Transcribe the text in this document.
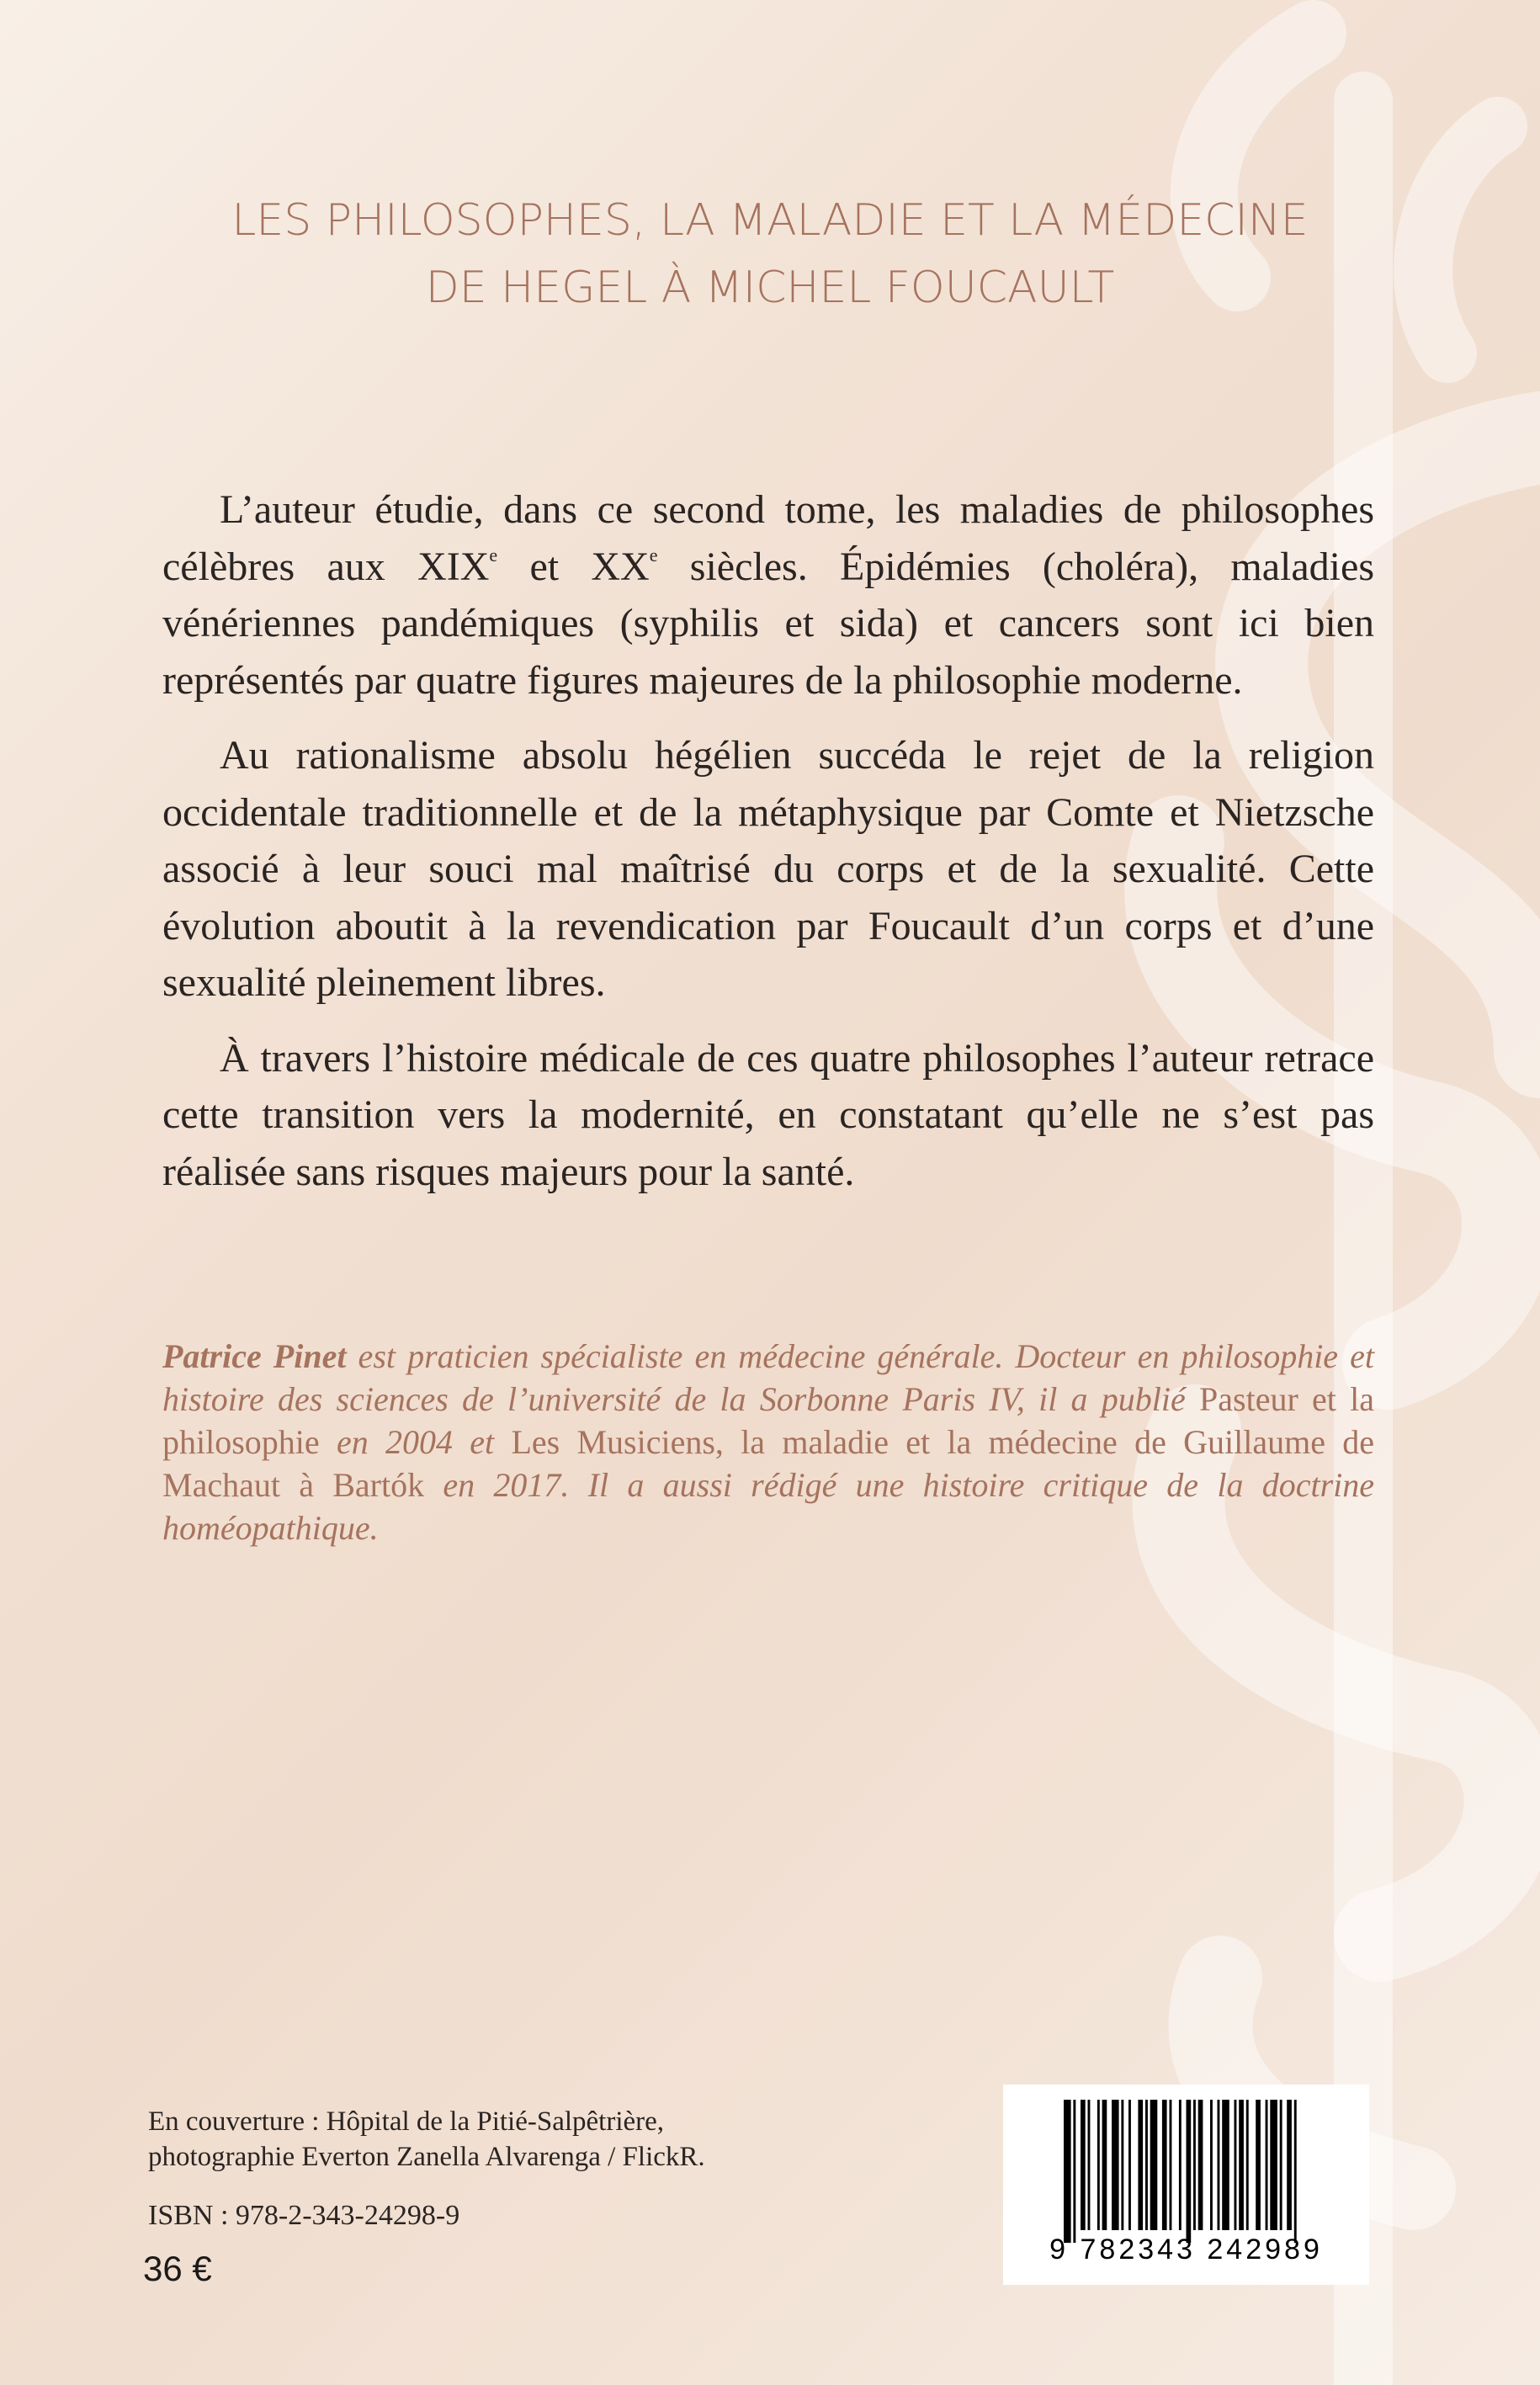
LES PHILOSOPHES, LA MALADIE ET LA MÉDECINE
DE HEGEL À MICHEL FOUCAULT

L’auteur étudie, dans ce second tome, les maladies de philosophes célèbres aux XIXe et XXe siècles. Épidémies (choléra), maladies vénériennes pandémiques (syphilis et sida) et cancers sont ici bien représentés par quatre figures majeures de la philosophie moderne.

Au rationalisme absolu hégélien succéda le rejet de la religion occidentale traditionnelle et de la métaphysique par Comte et Nietzsche associé à leur souci mal maîtrisé du corps et de la sexualité. Cette évolution aboutit à la revendication par Foucault d’un corps et d’une sexualité pleinement libres.

À travers l’histoire médicale de ces quatre philosophes l’auteur retrace cette transition vers la modernité, en constatant qu’elle ne s’est pas réalisée sans risques majeurs pour la santé.

Patrice Pinet est praticien spécialiste en médecine générale. Docteur en philosophie et histoire des sciences de l’université de la Sorbonne Paris IV, il a publié Pasteur et la philosophie en 2004 et Les Musiciens, la maladie et la médecine de Guillaume de Machaut à Bartók en 2017. Il a aussi rédigé une histoire critique de la doctrine homéopathique.

En couverture : Hôpital de la Pitié-Salpêtrière,
photographie Everton Zanella Alvarenga / FlickR.
ISBN : 978-2-343-24298-9
36 €	9 782343 242989
